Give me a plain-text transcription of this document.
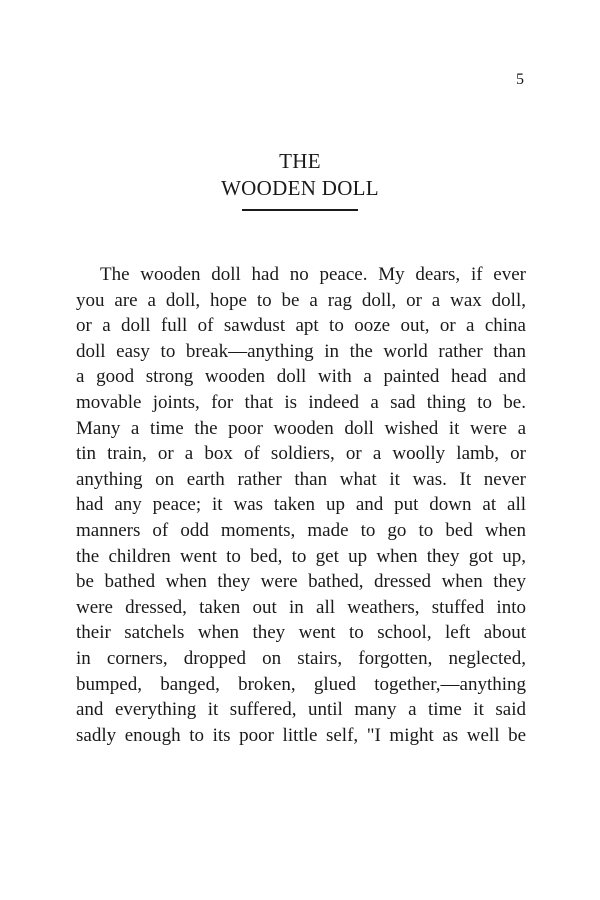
5
THE
WOODEN DOLL
The wooden doll had no peace. My dears, if ever
you are a doll, hope to be a rag doll, or a wax doll,
or a doll full of sawdust apt to ooze out, or a china
doll easy to break—anything in the world rather than
a good strong wooden doll with a painted head and
movable joints, for that is indeed a sad thing to be.
Many a time the poor wooden doll wished it were a
tin train, or a box of soldiers, or a woolly lamb, or
anything on earth rather than what it was. It never
had any peace; it was taken up and put down at all
manners of odd moments, made to go to bed when
the children went to bed, to get up when they got up,
be bathed when they were bathed, dressed when they
were dressed, taken out in all weathers, stuffed into
their satchels when they went to school, left about
in corners, dropped on stairs, forgotten, neglected,
bumped, banged, broken, glued together,—anything
and everything it suffered, until many a time it said
sadly enough to its poor little self, "I might as well be
